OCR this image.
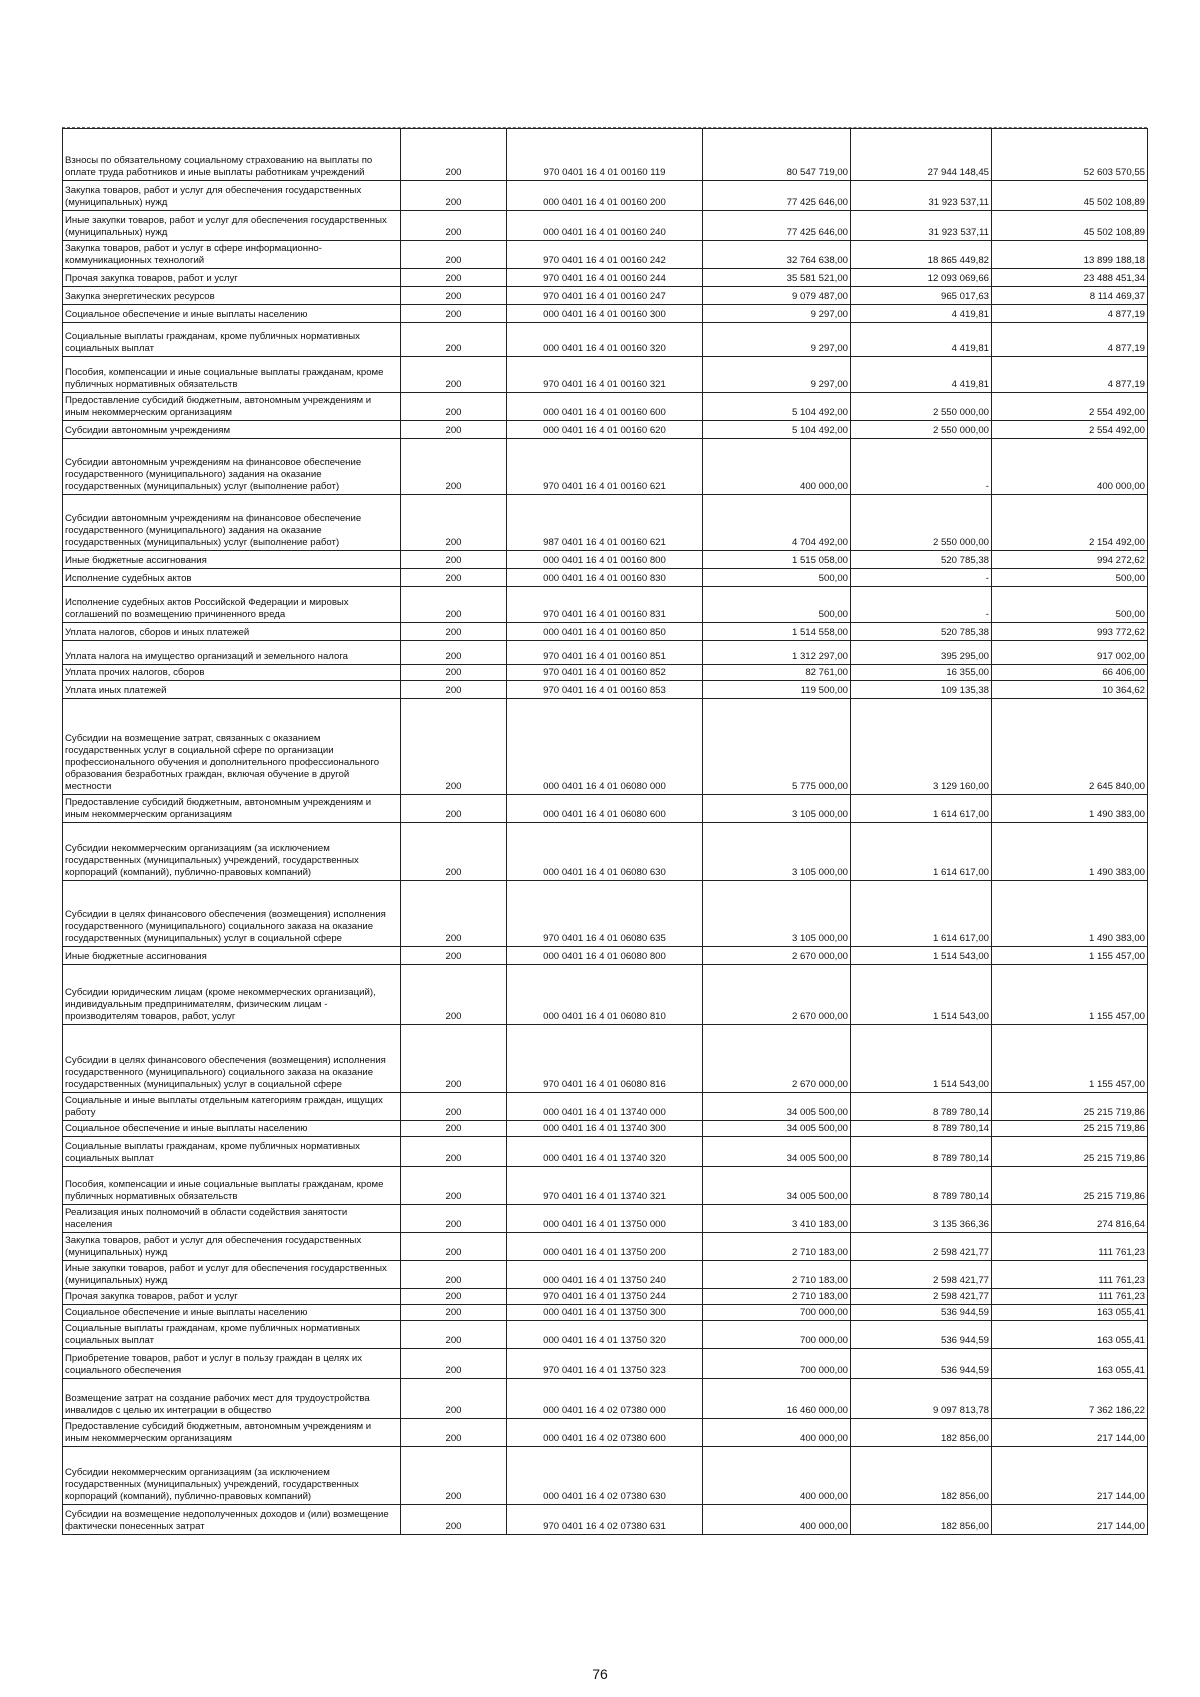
Взносы по обязательному социальному страхованию на выплаты по оплате труда работников и иные выплаты работникам учреждений	200	970 0401 16 4 01 00160 119	80 547 719,00	27 944 148,45	52 603 570,55
Закупка товаров, работ и услуг для обеспечения государственных (муниципальных) нужд	200	000 0401 16 4 01 00160 200	77 425 646,00	31 923 537,11	45 502 108,89
Иные закупки товаров, работ и услуг для обеспечения государственных (муниципальных) нужд	200	000 0401 16 4 01 00160 240	77 425 646,00	31 923 537,11	45 502 108,89
Закупка товаров, работ и услуг в сфере информационно-коммуникационных технологий	200	970 0401 16 4 01 00160 242	32 764 638,00	18 865 449,82	13 899 188,18
Прочая закупка товаров, работ и услуг	200	970 0401 16 4 01 00160 244	35 581 521,00	12 093 069,66	23 488 451,34
Закупка энергетических ресурсов	200	970 0401 16 4 01 00160 247	9 079 487,00	965 017,63	8 114 469,37
Социальное обеспечение и иные выплаты населению	200	000 0401 16 4 01 00160 300	9 297,00	4 419,81	4 877,19
Социальные выплаты гражданам, кроме публичных нормативных социальных выплат	200	000 0401 16 4 01 00160 320	9 297,00	4 419,81	4 877,19
Пособия, компенсации и иные социальные выплаты гражданам, кроме публичных нормативных обязательств	200	970 0401 16 4 01 00160 321	9 297,00	4 419,81	4 877,19
Предоставление субсидий бюджетным, автономным учреждениям и иным некоммерческим организациям	200	000 0401 16 4 01 00160 600	5 104 492,00	2 550 000,00	2 554 492,00
Субсидии автономным учреждениям	200	000 0401 16 4 01 00160 620	5 104 492,00	2 550 000,00	2 554 492,00
Субсидии автономным учреждениям на финансовое обеспечение государственного (муниципального) задания на оказание государственных (муниципальных) услуг (выполнение работ)	200	970 0401 16 4 01 00160 621	400 000,00	-	400 000,00
Субсидии автономным учреждениям на финансовое обеспечение государственного (муниципального) задания на оказание государственных (муниципальных) услуг (выполнение работ)	200	987 0401 16 4 01 00160 621	4 704 492,00	2 550 000,00	2 154 492,00
Иные бюджетные ассигнования	200	000 0401 16 4 01 00160 800	1 515 058,00	520 785,38	994 272,62
Исполнение судебных актов	200	000 0401 16 4 01 00160 830	500,00	-	500,00
Исполнение судебных актов Российской Федерации и мировых соглашений по возмещению причиненного вреда	200	970 0401 16 4 01 00160 831	500,00	-	500,00
Уплата налогов, сборов и иных платежей	200	000 0401 16 4 01 00160 850	1 514 558,00	520 785,38	993 772,62
Уплата налога на имущество организаций и земельного налога	200	970 0401 16 4 01 00160 851	1 312 297,00	395 295,00	917 002,00
Уплата прочих налогов, сборов	200	970 0401 16 4 01 00160 852	82 761,00	16 355,00	66 406,00
Уплата иных платежей	200	970 0401 16 4 01 00160 853	119 500,00	109 135,38	10 364,62
Субсидии на возмещение затрат, связанных с оказанием государственных услуг в социальной сфере по организации профессионального обучения и дополнительного профессионального образования безработных граждан, включая обучение в другой местности	200	000 0401 16 4 01 06080 000	5 775 000,00	3 129 160,00	2 645 840,00
Предоставление субсидий бюджетным, автономным учреждениям и иным некоммерческим организациям	200	000 0401 16 4 01 06080 600	3 105 000,00	1 614 617,00	1 490 383,00
Субсидии некоммерческим организациям (за исключением государственных (муниципальных) учреждений, государственных корпораций (компаний), публично-правовых компаний)	200	000 0401 16 4 01 06080 630	3 105 000,00	1 614 617,00	1 490 383,00
Субсидии в целях финансового обеспечения (возмещения) исполнения государственного (муниципального) социального заказа на оказание государственных (муниципальных) услуг в социальной сфере	200	970 0401 16 4 01 06080 635	3 105 000,00	1 614 617,00	1 490 383,00
Иные бюджетные ассигнования	200	000 0401 16 4 01 06080 800	2 670 000,00	1 514 543,00	1 155 457,00
Субсидии юридическим лицам (кроме некоммерческих организаций), индивидуальным предпринимателям, физическим лицам - производителям товаров, работ, услуг	200	000 0401 16 4 01 06080 810	2 670 000,00	1 514 543,00	1 155 457,00
Субсидии в целях финансового обеспечения (возмещения) исполнения государственного (муниципального) социального заказа на оказание государственных (муниципальных) услуг в социальной сфере	200	970 0401 16 4 01 06080 816	2 670 000,00	1 514 543,00	1 155 457,00
Социальные и иные выплаты отдельным категориям граждан, ищущих работу	200	000 0401 16 4 01 13740 000	34 005 500,00	8 789 780,14	25 215 719,86
Социальное обеспечение и иные выплаты населению	200	000 0401 16 4 01 13740 300	34 005 500,00	8 789 780,14	25 215 719,86
Социальные выплаты гражданам, кроме публичных нормативных социальных выплат	200	000 0401 16 4 01 13740 320	34 005 500,00	8 789 780,14	25 215 719,86
Пособия, компенсации и иные социальные выплаты гражданам, кроме публичных нормативных обязательств	200	970 0401 16 4 01 13740 321	34 005 500,00	8 789 780,14	25 215 719,86
Реализация иных полномочий в области содействия занятости населения	200	000 0401 16 4 01 13750 000	3 410 183,00	3 135 366,36	274 816,64
Закупка товаров, работ и услуг для обеспечения государственных (муниципальных) нужд	200	000 0401 16 4 01 13750 200	2 710 183,00	2 598 421,77	111 761,23
Иные закупки товаров, работ и услуг для обеспечения государственных (муниципальных) нужд	200	000 0401 16 4 01 13750 240	2 710 183,00	2 598 421,77	111 761,23
Прочая закупка товаров, работ и услуг	200	970 0401 16 4 01 13750 244	2 710 183,00	2 598 421,77	111 761,23
Социальное обеспечение и иные выплаты населению	200	000 0401 16 4 01 13750 300	700 000,00	536 944,59	163 055,41
Социальные выплаты гражданам, кроме публичных нормативных социальных выплат	200	000 0401 16 4 01 13750 320	700 000,00	536 944,59	163 055,41
Приобретение товаров, работ и услуг в пользу граждан в целях их социального обеспечения	200	970 0401 16 4 01 13750 323	700 000,00	536 944,59	163 055,41
Возмещение затрат на создание рабочих мест для трудоустройства инвалидов с целью их интеграции в общество	200	000 0401 16 4 02 07380 000	16 460 000,00	9 097 813,78	7 362 186,22
Предоставление субсидий бюджетным, автономным учреждениям и иным некоммерческим организациям	200	000 0401 16 4 02 07380 600	400 000,00	182 856,00	217 144,00
Субсидии некоммерческим организациям (за исключением государственных (муниципальных) учреждений, государственных корпораций (компаний), публично-правовых компаний)	200	000 0401 16 4 02 07380 630	400 000,00	182 856,00	217 144,00
Субсидии на возмещение недополученных доходов и (или) возмещение фактически понесенных затрат	200	970 0401 16 4 02 07380 631	400 000,00	182 856,00	217 144,00
76
